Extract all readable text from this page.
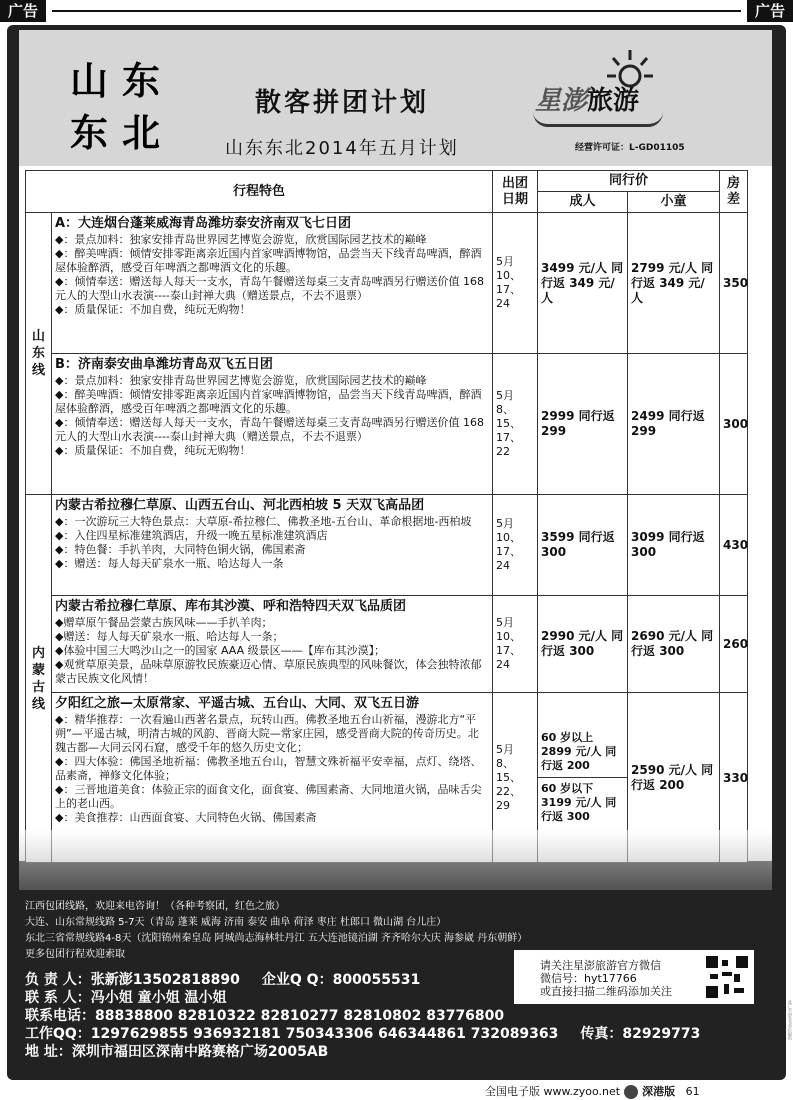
广告	广告
山东
东北
散客拼团计划
山东东北2014年五月计划
星澎旅游
经营许可证：L-GD01105
行程特色	出团日期	同行价	房差
成人	小童
山东线	
A：大连烟台蓬莱威海青岛潍坊泰安济南双飞七日团

◆：景点加料：独家安排青岛世界园艺博览会游览，欣赏国际园艺技术的巅峰

◆：醉美啤酒：倾情安排零距离亲近国内首家啤酒博物馆，品尝当天下线青岛啤酒，醉酒屋体验醉酒，感受百年啤酒之都啤酒文化的乐趣。

◆：倾情奉送：赠送每人每天一支水，青岛午餐赠送每桌三支青岛啤酒另行赠送价值 168 元人的大型山水表演----泰山封禅大典（赠送景点，不去不退票）

◆：质量保证：不加自费，纯玩无购物！

	5月 10、17、24	3499 元/人 同行返 349 元/人	2799 元/人 同行返 349 元/人	350

B：济南泰安曲阜潍坊青岛双飞五日团

◆：景点加料：独家安排青岛世界园艺博览会游览，欣赏国际园艺技术的巅峰

◆：醉美啤酒：倾情安排零距离亲近国内首家啤酒博物馆，品尝当天下线青岛啤酒，醉酒屋体验醉酒，感受百年啤酒之都啤酒文化的乐趣。

◆：倾情奉送：赠送每人每天一支水，青岛午餐赠送每桌三支青岛啤酒另行赠送价值 168 元人的大型山水表演----泰山封禅大典（赠送景点，不去不退票）

◆：质量保证：不加自费，纯玩无购物！

	5月 8、15、17、22	2999 同行返 299	2499 同行返 299	300
内蒙古线	
内蒙古希拉穆仁草原、山西五台山、河北西柏坡 5 天双飞高品团

◆：一次游玩三大特色景点：大草原-希拉穆仁、佛教圣地-五台山、革命根据地-西柏坡

◆：入住四星标准建筑酒店，升级一晚五星标准建筑酒店

◆：特色餐：手扒羊肉，大同特色铜火锅，佛国素斋

◆：赠送：每人每天矿泉水一瓶、哈达每人一条

	5月 10、17、24	3599 同行返 300	3099 同行返 300	430

内蒙古希拉穆仁草原、库布其沙漠、呼和浩特四天双飞品质团

◆赠草原午餐品尝蒙古族风味——手扒羊肉；

◆赠送：每人每天矿泉水一瓶、哈达每人一条；

◆体验中国三大鸣沙山之一的国家 AAA 级景区——【库布其沙漠】；

◆观赏草原美景，品味草原游牧民族豪迈心情、草原民族典型的风味餐饮，体会独特浓郁蒙古民族文化风情！

	5月 10、17、24	2990 元/人 同行返 300	2690 元/人 同行返 300	260

夕阳红之旅—太原常家、平遥古城、五台山、大同、双飞五日游

◆：精华推荐：一次看遍山西著名景点，玩转山西。佛教圣地五台山祈福，漫游北方“平朔”—平遥古城，明清古城的风韵、晋商大院—常家庄园，感受晋商大院的传奇历史。北魏古都—大同云冈石窟，感受千年的悠久历史文化；

◆：四大体验：佛国圣地祈福：佛教圣地五台山，智慧文殊祈福平安幸福，点灯、绕塔、品素斋，禅修文化体验；

◆：三晋地道美食：体验正宗的面食文化，面食宴、佛国素斋、大同地道火锅，品味舌尖上的老山西。

◆：美食推荐：山西面食宴、大同特色火锅、佛国素斋

	5月 8、15、22、29	
60 岁以上 2899 元/人 同行返 200
60 岁以下 3199 元/人 同行返 300
	2590 元/人 同行返 200	330
江西包团线路，欢迎来电咨询！（各种考察团，红色之旅）
大连、山东常规线路 5-7天（青岛 蓬莱 威海 济南 泰安 曲阜 荷泽 枣庄 杜郎口 微山湖 台儿庄）
东北三省常规线路4-8天（沈阳锦州秦皇岛 阿城尚志海林牡丹江 五大连池镜泊湖 齐齐哈尔大庆 海参崴 丹东朝鲜）
更多包团行程欢迎索取
负 责 人：张新澎13502818890 企业Q Q：800055531
联 系 人：冯小姐 童小姐 温小姐
联系电话：88838800 82810322 82810277 82810802 83776800
工作QQ：1297629855 936932181 750343306 646344861 732089363 传真：82929773
地 址：深圳市福田区深南中路赛格广场2005AB
请关注星澎旅游官方微信
微信号：hyt17766
或直接扫描二维码添加关注
全国电子版 www.zyoo.net 深港版 61
此广告由发布单位提供
